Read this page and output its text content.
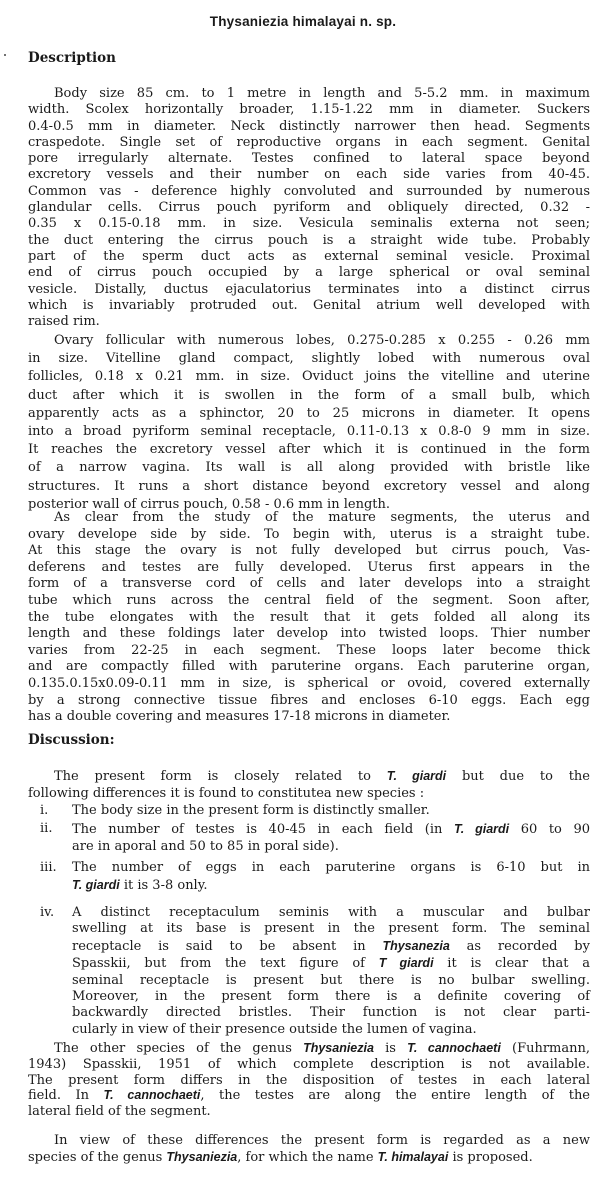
Thysaniezia himalayai n. sp.
Description
  Body size 85 cm. to 1 metre in length and 5-5.2 mm. in maximum
width. Scolex horizontally broader, 1.15-1.22 mm in diameter. Suckers
0.4-0.5 mm in diameter. Neck distinctly narrower then head. Segments
craspedote. Single set of reproductive organs in each segment. Genital
pore irregularly alternate. Testes confined to lateral space beyond
excretory vessels and their number on each side varies from 40-45.
Common vas - deference highly convoluted and surrounded by numerous
glandular cells. Cirrus pouch pyriform and obliquely directed, 0.32 -
0.35 x 0.15-0.18 mm. in size. Vesicula seminalis externa not seen;
the duct entering the cirrus pouch is a straight wide tube. Probably
part of the sperm duct acts as external seminal vesicle. Proximal
end of cirrus pouch occupied by a large spherical or oval seminal
vesicle. Distally, ductus ejaculatorius terminates into a distinct cirrus
which is invariably protruded out. Genital atrium well developed with
raised rim.
  Ovary follicular with numerous lobes, 0.275-0.285 x 0.255 - 0.26 mm
in size. Vitelline gland compact, slightly lobed with numerous oval
follicles, 0.18 x 0.21 mm. in size. Oviduct joins the vitelline and uterine
duct after which it is swollen in the form of a small bulb, which
apparently acts as a sphinctor, 20 to 25 microns in diameter. It opens
into a broad pyriform seminal receptacle, 0.11-0.13 x 0.8-0 9 mm in size.
It reaches the excretory vessel after which it is continued in the form
of a narrow vagina. Its wall is all along provided with bristle like
structures. It runs a short distance beyond excretory vessel and along
posterior wall of cirrus pouch, 0.58 - 0.6 mm in length.
  As clear from the study of the mature segments, the uterus and
ovary develope side by side. To begin with, uterus is a straight tube.
At this stage the ovary is not fully developed but cirrus pouch, Vas-
deferens and testes are fully developed. Uterus first appears in the
form of a transverse cord of cells and later develops into a straight
tube which runs across the central field of the segment. Soon after,
the tube elongates with the result that it gets folded all along its
length and these foldings later develop into twisted loops. Thier number
varies from 22-25 in each segment. These loops later become thick
and are compactly filled with paruterine organs. Each paruterine organ,
0.135.0.15x0.09-0.11 mm in size, is spherical or ovoid, covered externally
by a strong connective tissue fibres and encloses 6-10 eggs. Each egg
has a double covering and measures 17-18 microns in diameter.
Discussion:
  The present form is closely related to T. giardi but due to the
following differences it is found to constitutea new species :
i.	The body size in the present form is distinctly smaller.
ii.	The number of testes is 40-45 in each field (in T. giardi 60 to 90
are in aporal and 50 to 85 in poral side).
iii.	The number of eggs in each paruterine organs is 6-10 but in
T. giardi it is 3-8 only.
iv.	A distinct receptaculum seminis with a muscular and bulbar
swelling at its base is present in the present form. The seminal
receptacle is said to be absent in Thysanezia as recorded by
Spasskii, but from the text figure of T giardi it is clear that a
seminal receptacle is present but there is no bulbar swelling.
Moreover, in the present form there is a definite covering of
backwardly directed bristles. Their function is not clear parti-
cularly in view of their presence outside the lumen of vagina.
  The other species of the genus Thysaniezia is T. cannochaeti (Fuhrmann,
1943) Spasskii, 1951 of which complete description is not available.
The present form differs in the disposition of testes in each lateral
field. In T. cannochaeti, the testes are along the entire length of the
lateral field of the segment.
  In view of these differences the present form is regarded as a new
species of the genus Thysaniezia, for which the name T. himalayai is proposed.
